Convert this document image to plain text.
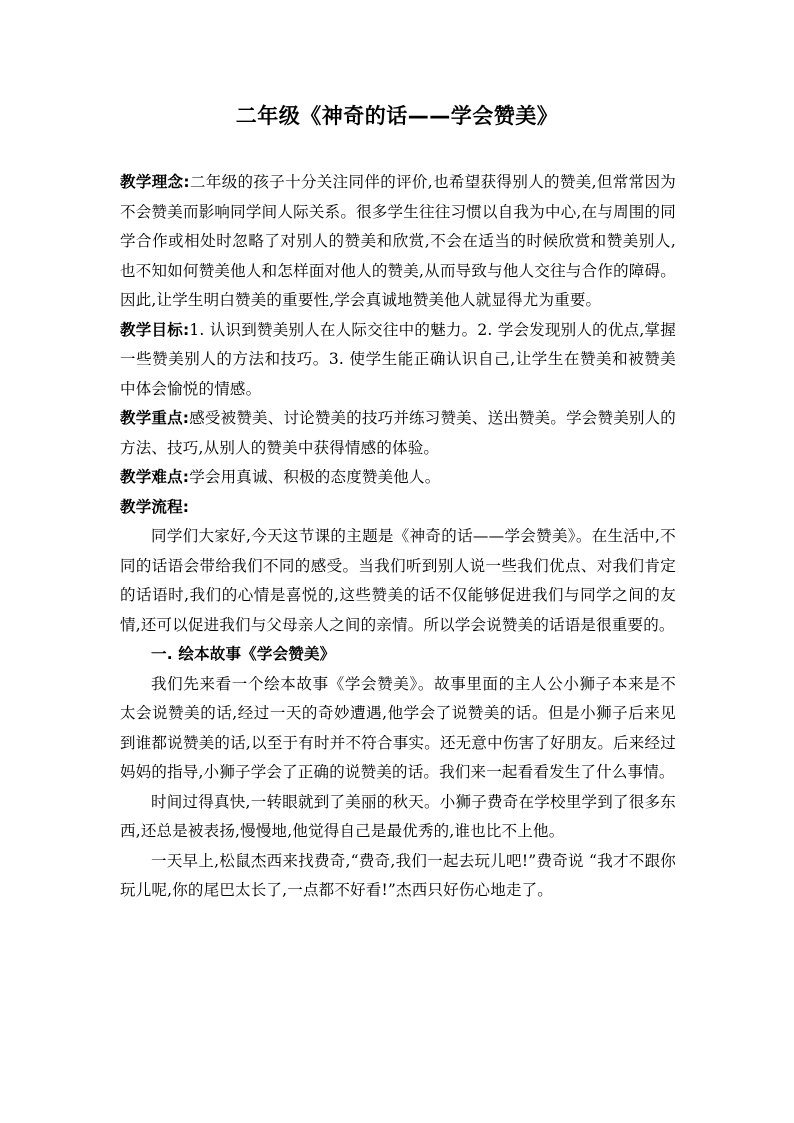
二年级《神奇的话——学会赞美》

教学理念:二年级的孩子十分关注同伴的评价,也希望获得别人的赞美,但常常因为不会赞美而影响同学间人际关系。很多学生往往习惯以自我为中心,在与周围的同学合作或相处时忽略了对别人的赞美和欣赏,不会在适当的时候欣赏和赞美别人,也不知如何赞美他人和怎样面对他人的赞美,从而导致与他人交往与合作的障碍。因此,让学生明白赞美的重要性,学会真诚地赞美他人就显得尤为重要。

教学目标:1. 认识到赞美别人在人际交往中的魅力。2. 学会发现别人的优点,掌握一些赞美别人的方法和技巧。3. 使学生能正确认识自己,让学生在赞美和被赞美中体会愉悦的情感。

教学重点:感受被赞美、讨论赞美的技巧并练习赞美、送出赞美。学会赞美别人的方法、技巧,从别人的赞美中获得情感的体验。

教学难点:学会用真诚、积极的态度赞美他人。

教学流程:

同学们大家好,今天这节课的主题是《神奇的话——学会赞美》。在生活中,不同的话语会带给我们不同的感受。当我们听到别人说一些我们优点、对我们肯定的话语时,我们的心情是喜悦的,这些赞美的话不仅能够促进我们与同学之间的友情,还可以促进我们与父母亲人之间的亲情。所以学会说赞美的话语是很重要的。

一. 绘本故事《学会赞美》

我们先来看一个绘本故事《学会赞美》。故事里面的主人公小狮子本来是不太会说赞美的话,经过一天的奇妙遭遇,他学会了说赞美的话。但是小狮子后来见到谁都说赞美的话,以至于有时并不符合事实。还无意中伤害了好朋友。后来经过妈妈的指导,小狮子学会了正确的说赞美的话。我们来一起看看发生了什么事情。

时间过得真快,一转眼就到了美丽的秋天。小狮子费奇在学校里学到了很多东西,还总是被表扬,慢慢地,他觉得自己是最优秀的,谁也比不上他。

一天早上,松鼠杰西来找费奇,“费奇,我们一起去玩儿吧!”费奇说 “我才不跟你玩儿呢,你的尾巴太长了,一点都不好看!”杰西只好伤心地走了。
